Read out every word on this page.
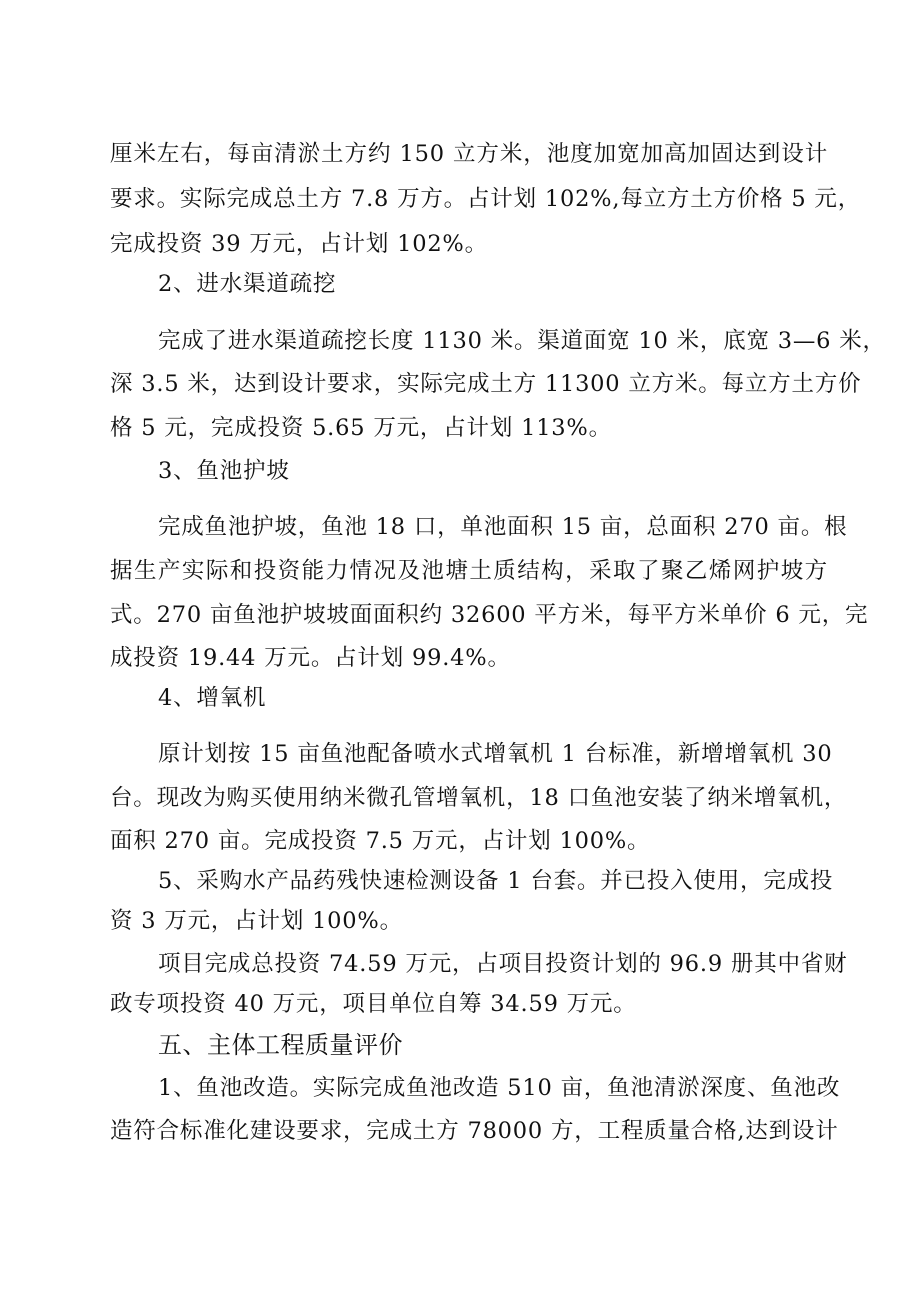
厘米左右，每亩清淤土方约 150 立方米，池度加宽加高加固达到设计
要求。实际完成总土方 7.8 万方。占计划 102%,每立方土方价格 5 元，
完成投资 39 万元，占计划 102%。
2、进水渠道疏挖
完成了进水渠道疏挖长度 1130 米。渠道面宽 10 米，底宽 3—6 米，
深 3.5 米，达到设计要求，实际完成土方 11300 立方米。每立方土方价
格 5 元，完成投资 5.65 万元，占计划 113%。
3、鱼池护坡
完成鱼池护坡，鱼池 18 口，单池面积 15 亩，总面积 270 亩。根
据生产实际和投资能力情况及池塘土质结构，采取了聚乙烯网护坡方
式。270 亩鱼池护坡坡面面积约 32600 平方米，每平方米单价 6 元，完
成投资 19.44 万元。占计划 99.4%。
4、增氧机
原计划按 15 亩鱼池配备喷水式增氧机 1 台标准，新增增氧机 30
台。现改为购买使用纳米微孔管增氧机，18 口鱼池安装了纳米增氧机，
面积 270 亩。完成投资 7.5 万元，占计划 100%。
5、采购水产品药残快速检测设备 1 台套。并已投入使用，完成投
资 3 万元，占计划 100%。
项目完成总投资 74.59 万元，占项目投资计划的 96.9 册其中省财
政专项投资 40 万元，项目单位自筹 34.59 万元。
五、主体工程质量评价
1、鱼池改造。实际完成鱼池改造 510 亩，鱼池清淤深度、鱼池改
造符合标准化建设要求，完成土方 78000 方，工程质量合格,达到设计
